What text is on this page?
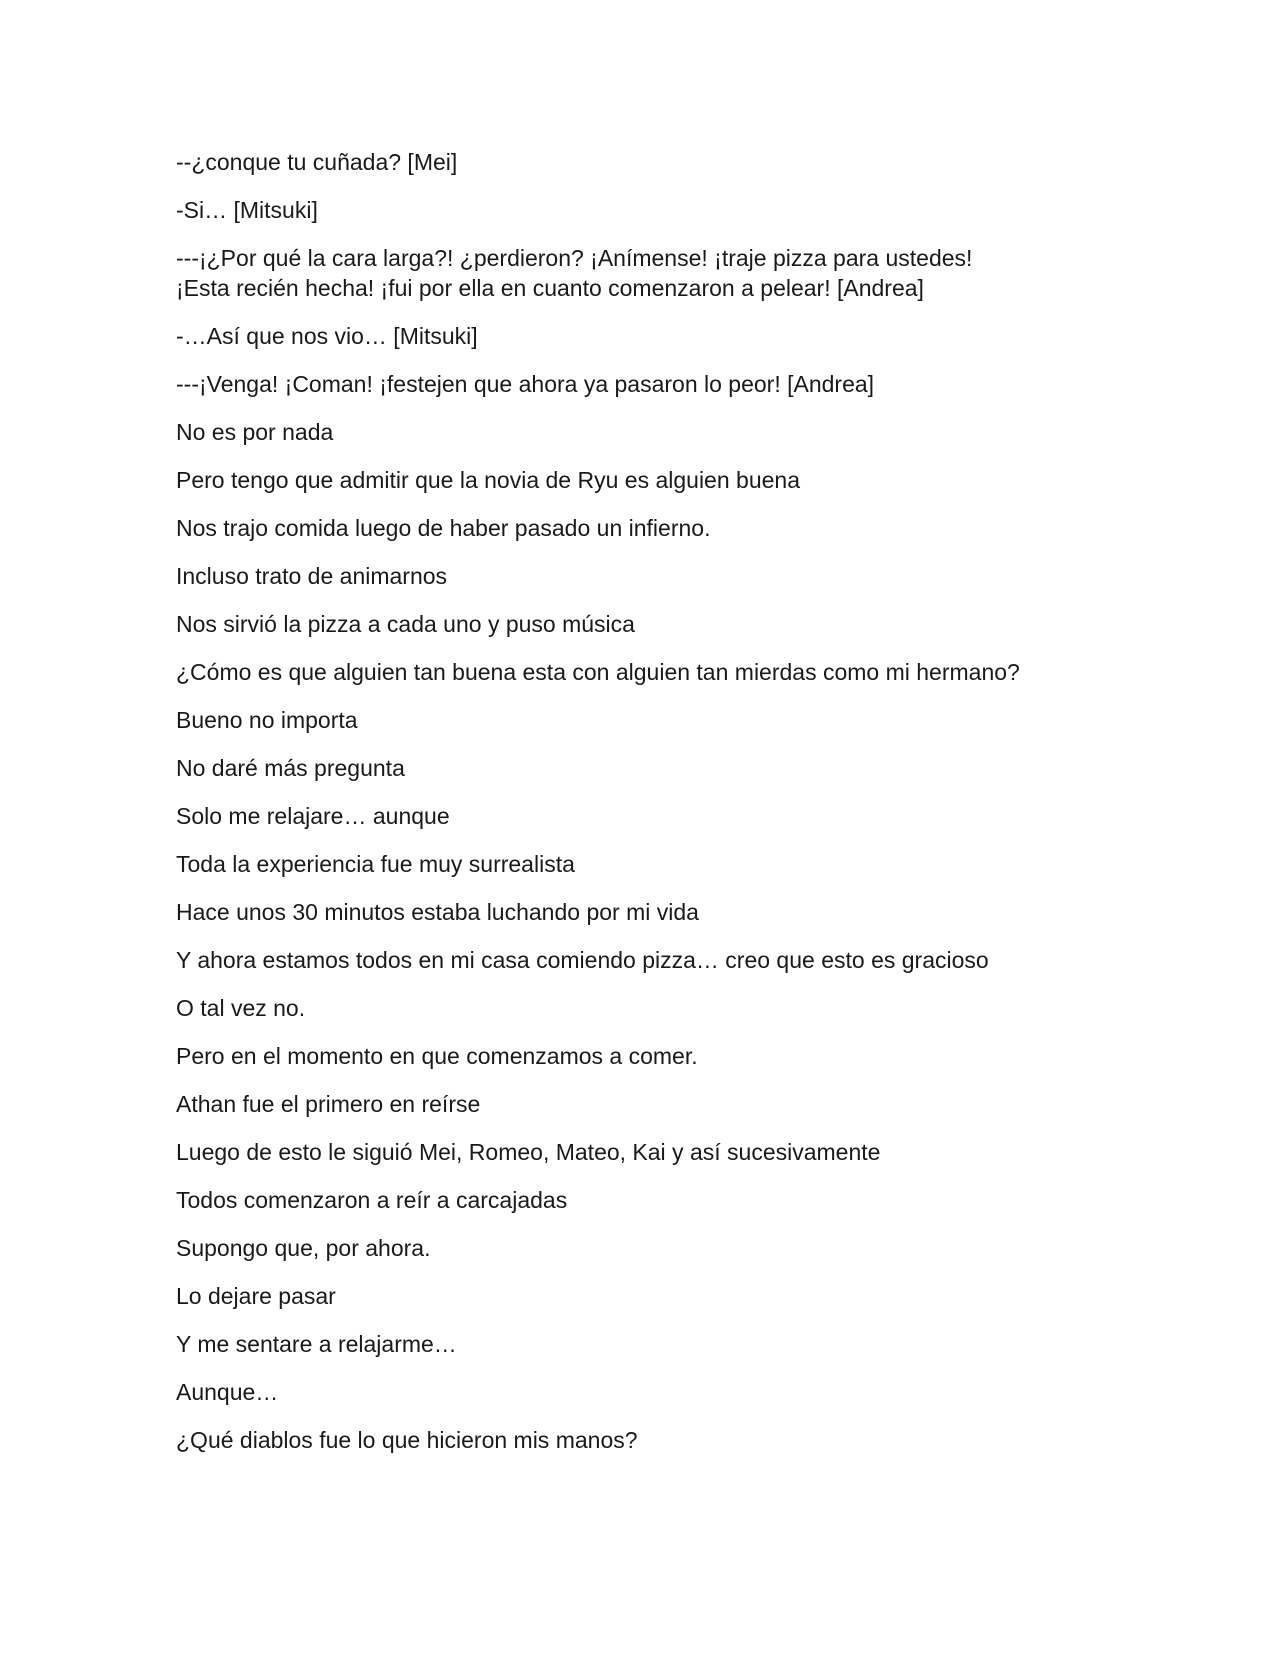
--¿conque tu cuñada? [Mei]

-Si… [Mitsuki]

---¡¿Por qué la cara larga?! ¿perdieron? ¡Anímense! ¡traje pizza para ustedes!
¡Esta recién hecha! ¡fui por ella en cuanto comenzaron a pelear! [Andrea]

-…Así que nos vio… [Mitsuki]

---¡Venga! ¡Coman! ¡festejen que ahora ya pasaron lo peor! [Andrea]

No es por nada

Pero tengo que admitir que la novia de Ryu es alguien buena

Nos trajo comida luego de haber pasado un infierno.

Incluso trato de animarnos

Nos sirvió la pizza a cada uno y puso música

¿Cómo es que alguien tan buena esta con alguien tan mierdas como mi hermano?

Bueno no importa

No daré más pregunta

Solo me relajare… aunque

Toda la experiencia fue muy surrealista

Hace unos 30 minutos estaba luchando por mi vida

Y ahora estamos todos en mi casa comiendo pizza… creo que esto es gracioso

O tal vez no.

Pero en el momento en que comenzamos a comer.

Athan fue el primero en reírse

Luego de esto le siguió Mei, Romeo, Mateo, Kai y así sucesivamente

Todos comenzaron a reír a carcajadas

Supongo que, por ahora.

Lo dejare pasar

Y me sentare a relajarme…

Aunque…

¿Qué diablos fue lo que hicieron mis manos?
